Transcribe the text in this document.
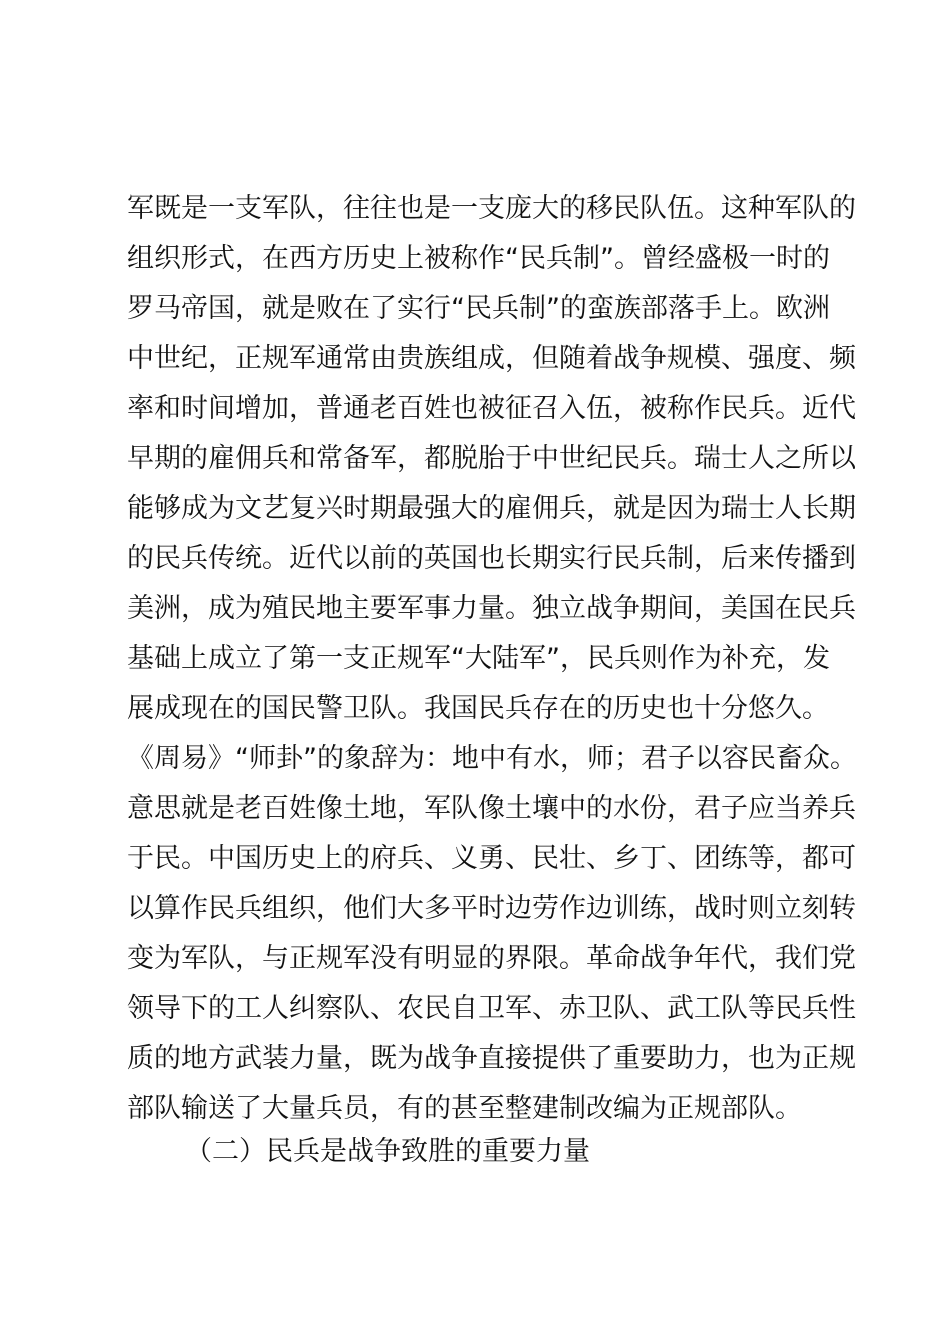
军既是一支军队，往往也是一支庞大的移民队伍。这种军队的
组织形式，在西方历史上被称作“民兵制”。曾经盛极一时的
罗马帝国，就是败在了实行“民兵制”的蛮族部落手上。欧洲
中世纪，正规军通常由贵族组成，但随着战争规模、强度、频
率和时间增加，普通老百姓也被征召入伍，被称作民兵。近代
早期的雇佣兵和常备军，都脱胎于中世纪民兵。瑞士人之所以
能够成为文艺复兴时期最强大的雇佣兵，就是因为瑞士人长期
的民兵传统。近代以前的英国也长期实行民兵制，后来传播到
美洲，成为殖民地主要军事力量。独立战争期间，美国在民兵
基础上成立了第一支正规军“大陆军”，民兵则作为补充，发
展成现在的国民警卫队。我国民兵存在的历史也十分悠久。
《周易》“师卦”的象辞为：地中有水，师；君子以容民畜众。
意思就是老百姓像土地，军队像土壤中的水份，君子应当养兵
于民。中国历史上的府兵、义勇、民壮、乡丁、团练等，都可
以算作民兵组织，他们大多平时边劳作边训练，战时则立刻转
变为军队，与正规军没有明显的界限。革命战争年代，我们党
领导下的工人纠察队、农民自卫军、赤卫队、武工队等民兵性
质的地方武装力量，既为战争直接提供了重要助力，也为正规
部队输送了大量兵员，有的甚至整建制改编为正规部队。
（二）民兵是战争致胜的重要力量
